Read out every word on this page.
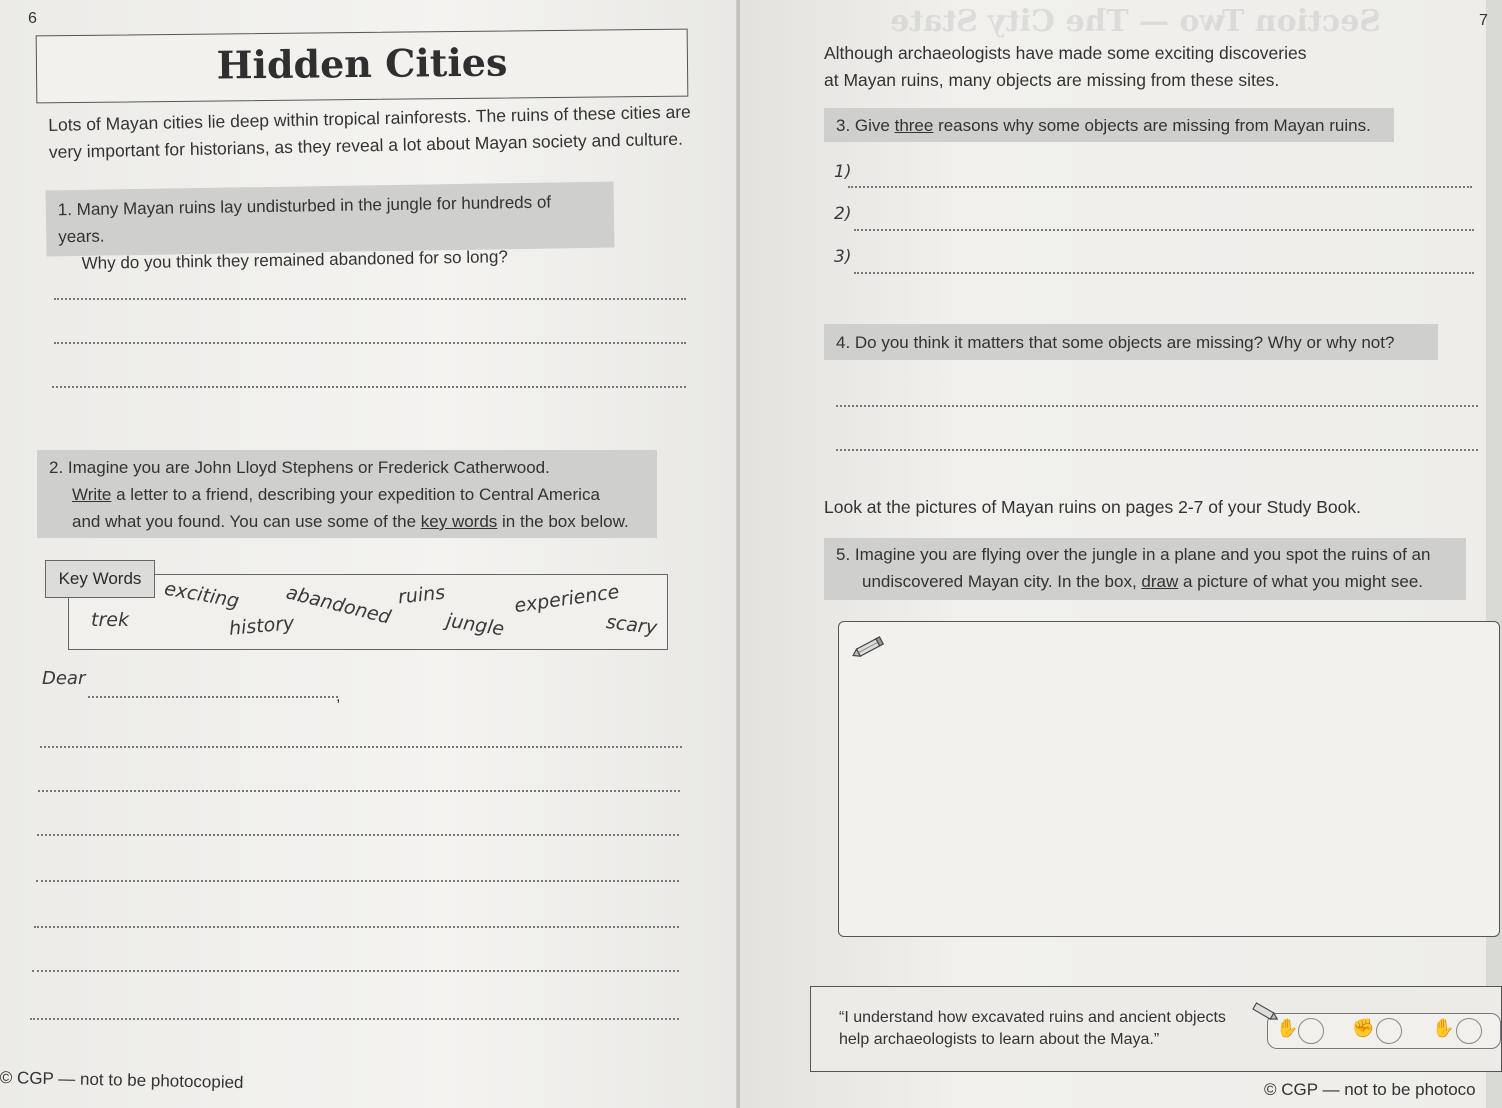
6
Hidden Cities
Lots of Mayan cities lie deep within tropical rainforests. The ruins of these cities are
very important for historians, as they reveal a lot about Mayan society and culture.
1. Many Mayan ruins lay undisturbed in the jungle for hundreds of years.
Why do you think they remained abandoned for so long?
2. Imagine you are John Lloyd Stephens or Frederick Catherwood.
Write a letter to a friend, describing your expedition to Central America
and what you found. You can use some of the key words in the box below.
Key Words	exciting abandoned ruins	experience
trek	history	jungle	scary
Dear
,
© CGP — not to be photocopied
Section Two — The City State	7
Although archaeologists have made some exciting discoveries
at Mayan ruins, many objects are missing from these sites.
3. Give three reasons why some objects are missing from Mayan ruins.
1)
2)
3)
4. Do you think it matters that some objects are missing? Why or why not?
Look at the pictures of Mayan ruins on pages 2-7 of your Study Book.
5. Imagine you are flying over the jungle in a plane and you spot the ruins of an
undiscovered Mayan city. In the box, draw a picture of what you might see.
“I understand how excavated ruins and ancient objects
help archaeologists to learn about the Maya.”
✋	✊	✋
© CGP — not to be photoco
